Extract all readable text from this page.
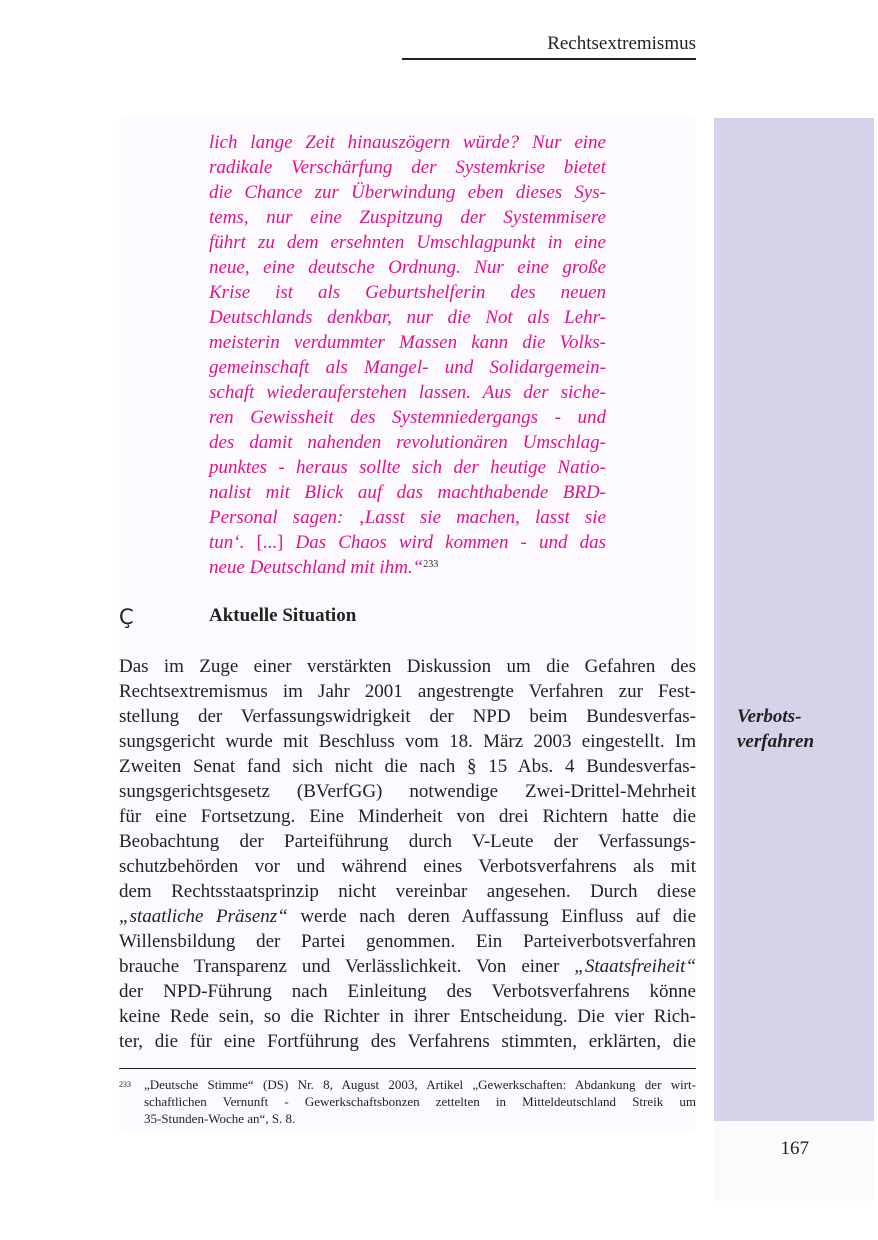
Rechtsextremismus
Verbots-
verfahren
lich lange Zeit hinauszögern würde? Nur eine
radikale Verschärfung der Systemkrise bietet
die Chance zur Überwindung eben dieses Sys-
tems, nur eine Zuspitzung der Systemmisere
führt zu dem ersehnten Umschlagpunkt in eine
neue, eine deutsche Ordnung. Nur eine große
Krise ist als Geburtshelferin des neuen
Deutschlands denkbar, nur die Not als Lehr-
meisterin verdummter Massen kann die Volks-
gemeinschaft als Mangel- und Solidargemein-
schaft wiederauferstehen lassen. Aus der siche-
ren Gewissheit des Systemniedergangs - und
des damit nahenden revolutionären Umschlag-
punktes - heraus sollte sich der heutige Natio-
nalist mit Blick auf das machthabende BRD-
Personal sagen: ‚Lasst sie machen, lasst sie
tun‘. [...] Das Chaos wird kommen - und das
neue Deutschland mit ihm.“$^{233}$
Ç	Aktuelle Situation
Das im Zuge einer verstärkten Diskussion um die Gefahren des
Rechtsextremismus im Jahr 2001 angestrengte Verfahren zur Fest-
stellung der Verfassungswidrigkeit der NPD beim Bundesverfas-
sungsgericht wurde mit Beschluss vom 18. März 2003 eingestellt. Im
Zweiten Senat fand sich nicht die nach § 15 Abs. 4 Bundesverfas-
sungsgerichtsgesetz (BVerfGG) notwendige Zwei-Drittel-Mehrheit
für eine Fortsetzung. Eine Minderheit von drei Richtern hatte die
Beobachtung der Parteiführung durch V-Leute der Verfassungs-
schutzbehörden vor und während eines Verbotsverfahrens als mit
dem Rechtsstaatsprinzip nicht vereinbar angesehen. Durch diese
„staatliche Präsenz“ werde nach deren Auffassung Einfluss auf die
Willensbildung der Partei genommen. Ein Parteiverbotsverfahren
brauche Transparenz und Verlässlichkeit. Von einer „Staatsfreiheit“
der NPD-Führung nach Einleitung des Verbotsverfahrens könne
keine Rede sein, so die Richter in ihrer Entscheidung. Die vier Rich-
ter, die für eine Fortführung des Verfahrens stimmten, erklärten, die
233 „Deutsche Stimme“ (DS) Nr. 8, August 2003, Artikel „Gewerkschaften: Abdankung der wirt-
schaftlichen Vernunft - Gewerkschaftsbonzen zettelten in Mitteldeutschland Streik um
35-Stunden-Woche an“, S. 8.
167
